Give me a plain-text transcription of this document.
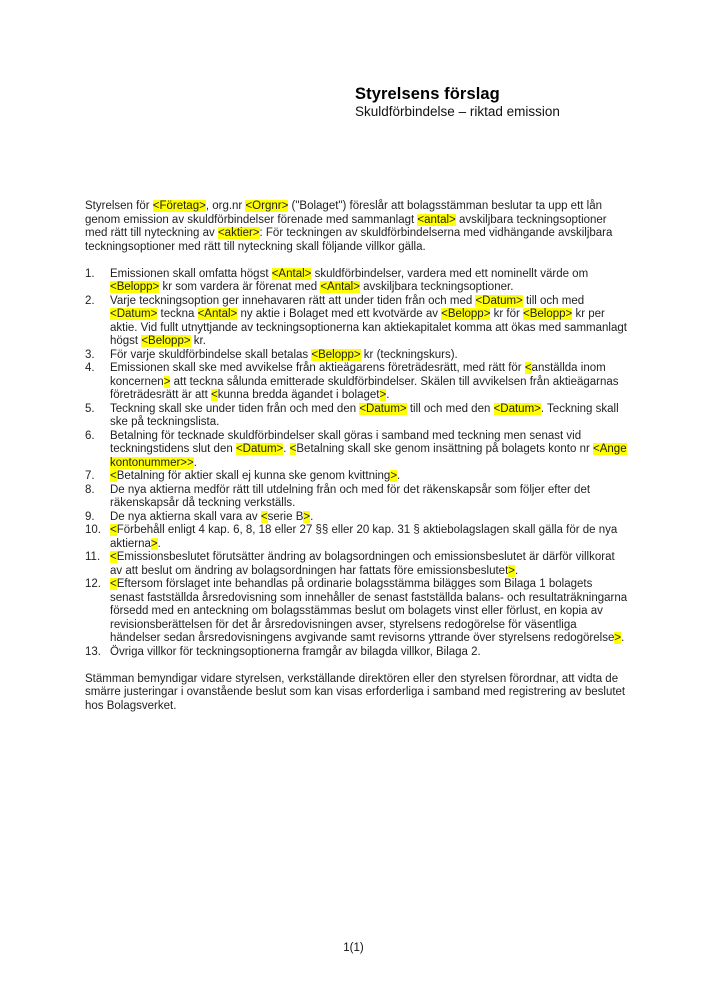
Styrelsens förslag
Skuldförbindelse – riktad emission

Styrelsen för <Företag>, org.nr <Orgnr> ("Bolaget") föreslår att bolagsstämman beslutar ta upp ett lån genom emission av skuldförbindelser förenade med sammanlagt <antal> avskiljbara teckningsoptioner med rätt till nyteckning av <aktier>: För teckningen av skuldförbindelserna med vidhängande avskiljbara teckningsoptioner med rätt till nyteckning skall följande villkor gälla.

1.	Emissionen skall omfatta högst <Antal> skuldförbindelser, vardera med ett nominellt värde om <Belopp> kr som vardera är förenat med <Antal> avskiljbara teckningsoptioner.
2.	Varje teckningsoption ger innehavaren rätt att under tiden från och med <Datum> till och med <Datum> teckna <Antal> ny aktie i Bolaget med ett kvotvärde av <Belopp> kr för <Belopp> kr per aktie. Vid fullt utnyttjande av teckningsoptionerna kan aktiekapitalet komma att ökas med sammanlagt högst <Belopp> kr.
3.	För varje skuldförbindelse skall betalas <Belopp> kr (teckningskurs).
4.	Emissionen skall ske med avvikelse från aktieägarens företrädesrätt, med rätt för <anställda inom koncernen> att teckna sålunda emitterade skuldförbindelser. Skälen till avvikelsen från aktieägarnas företrädesrätt är att <kunna bredda ägandet i bolaget>.
5.	Teckning skall ske under tiden från och med den <Datum> till och med den <Datum>. Teckning skall ske på teckningslista.
6.	Betalning för tecknade skuldförbindelser skall göras i samband med teckning men senast vid teckningstidens slut den <Datum>. <Betalning skall ske genom insättning på bolagets konto nr <Ange kontonummer>>.
7.	<Betalning för aktier skall ej kunna ske genom kvittning>.
8.	De nya aktierna medför rätt till utdelning från och med för det räkenskapsår som följer efter det räkenskapsår då teckning verkställs.
9.	De nya aktierna skall vara av <serie B>.
10. <Förbehåll enligt 4 kap. 6, 8, 18 eller 27 §§ eller 20 kap. 31 § aktiebolagslagen skall gälla för de nya aktierna>.
11. <Emissionsbeslutet förutsätter ändring av bolagsordningen och emissionsbeslutet är därför villkorat av att beslut om ändring av bolagsordningen har fattats före emissionsbeslutet>.
12. <Eftersom förslaget inte behandlas på ordinarie bolagsstämma bilägges som Bilaga 1 bolagets senast fastställda årsredovisning som innehåller de senast fastställda balans- och resultaträkningarna försedd med en anteckning om bolagsstämmas beslut om bolagets vinst eller förlust, en kopia av revisionsberättelsen för det år årsredovisningen avser, styrelsens redogörelse för väsentliga händelser sedan årsredovisningens avgivande samt revisorns yttrande över styrelsens redogörelse>.
13. Övriga villkor för teckningsoptionerna framgår av bilagda villkor, Bilaga 2.

Stämman bemyndigar vidare styrelsen, verkställande direktören eller den styrelsen förordnar, att vidta de smärre justeringar i ovanstående beslut som kan visas erforderliga i samband med registrering av beslutet hos Bolagsverket.

1(1)
